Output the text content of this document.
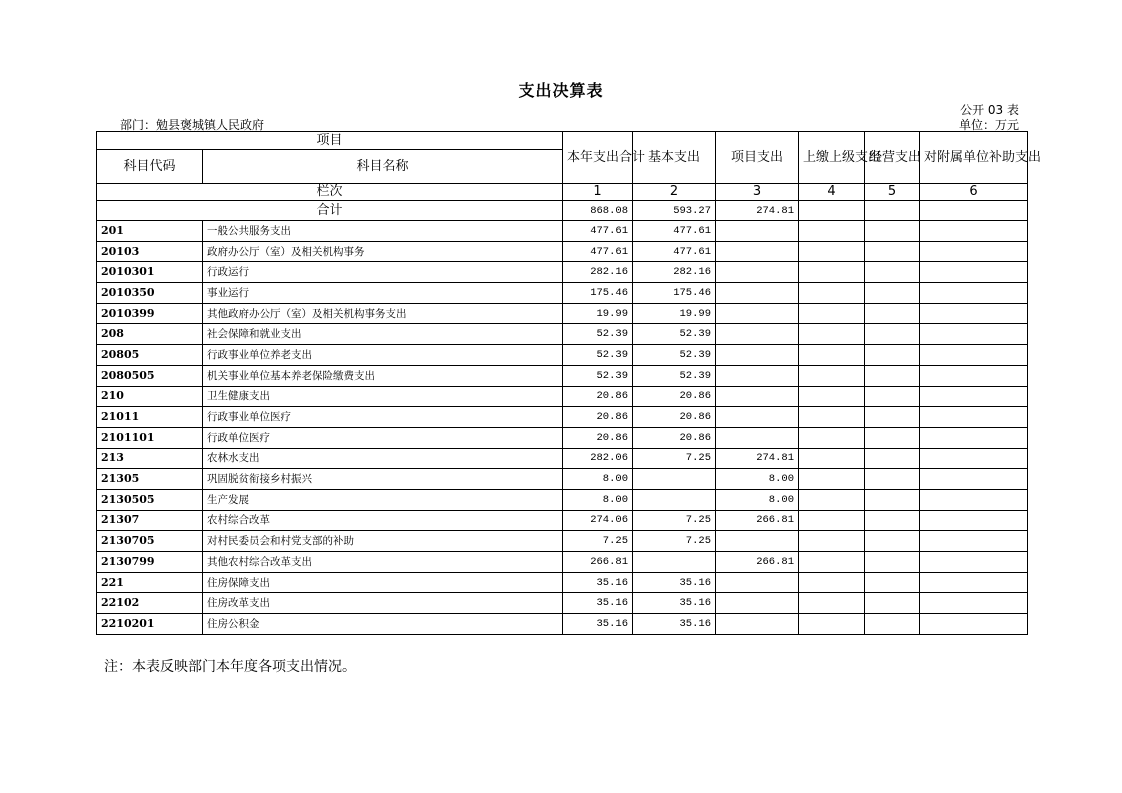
支出决算表
公开 03 表
部门：勉县褒城镇人民政府	单位：万元
项目		本年支出合计	基本支出	项目支出	上缴上级支出	经营支出	对附属单位补助支出
科目代码	科目名称						

栏次		1	2	3	4	5	6
合计		868.08	593.27	274.81			
201	一般公共服务支出	477.61	477.61				
20103	政府办公厅（室）及相关机构事务	477.61	477.61				
2010301	行政运行	282.16	282.16				
2010350	事业运行	175.46	175.46				
2010399	其他政府办公厅（室）及相关机构事务支出	19.99	19.99				
208	社会保障和就业支出	52.39	52.39				
20805	行政事业单位养老支出	52.39	52.39				
2080505	机关事业单位基本养老保险缴费支出	52.39	52.39				
210	卫生健康支出	20.86	20.86				
21011	行政事业单位医疗	20.86	20.86				
2101101	行政单位医疗	20.86	20.86				
213	农林水支出	282.06	7.25	274.81			
21305	巩固脱贫衔接乡村振兴	8.00		8.00			
2130505	生产发展	8.00		8.00			
21307	农村综合改革	274.06	7.25	266.81			
2130705	对村民委员会和村党支部的补助	7.25	7.25				
2130799	其他农村综合改革支出	266.81		266.81			
221	住房保障支出	35.16	35.16				
22102	住房改革支出	35.16	35.16				
2210201	住房公积金	35.16	35.16				
注：本表反映部门本年度各项支出情况。
